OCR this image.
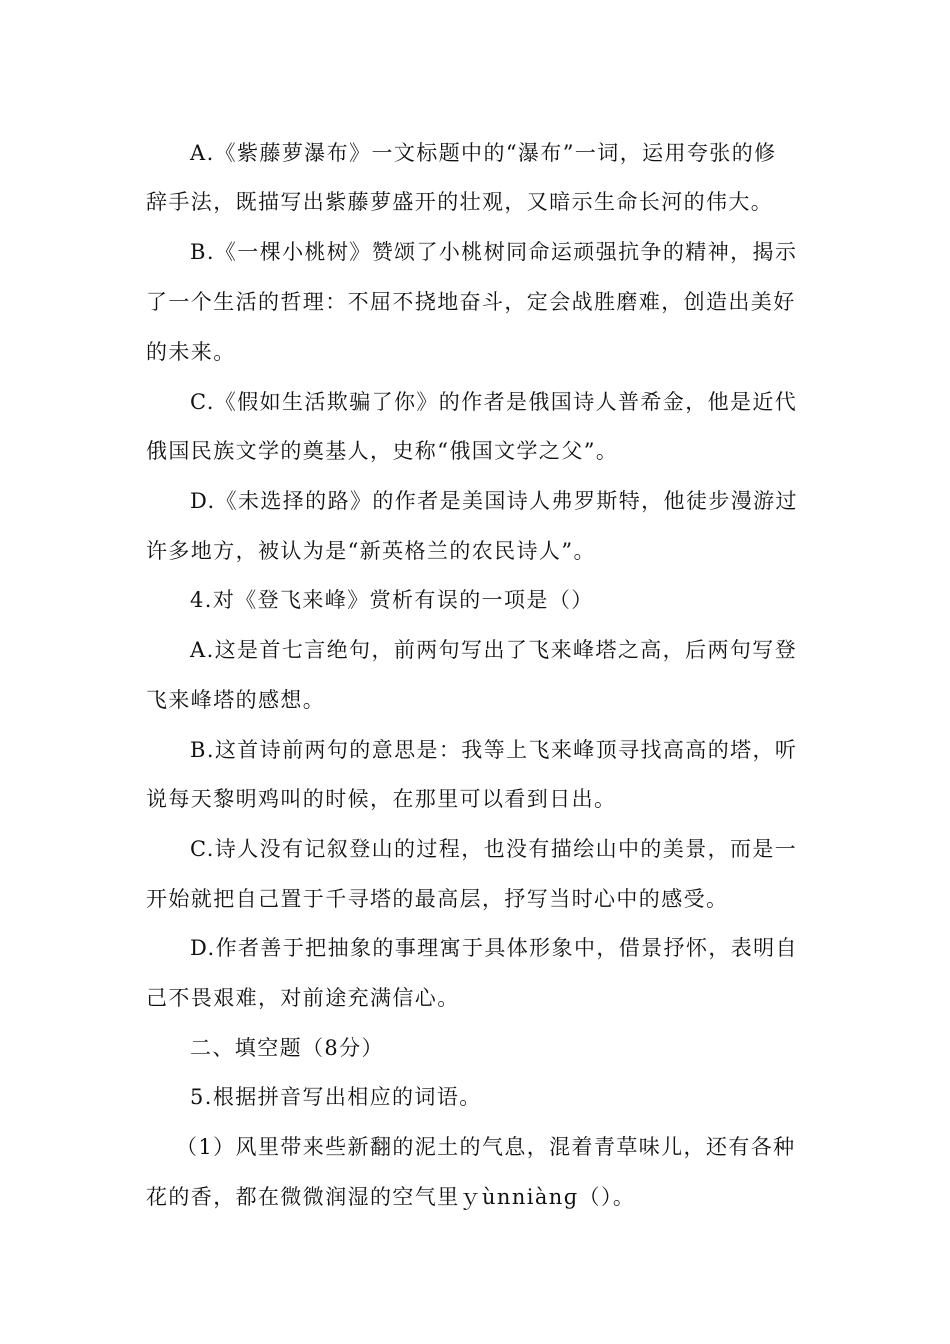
A.《紫藤萝瀑布》一文标题中的“瀑布”一词，运用夸张的修
辞手法，既描写出紫藤萝盛开的壮观，又暗示生命长河的伟大。
B.《一棵小桃树》赞颂了小桃树同命运顽强抗争的精神，揭示
了一个生活的哲理：不屈不挠地奋斗，定会战胜磨难，创造出美好
的未来。
C.《假如生活欺骗了你》的作者是俄国诗人普希金，他是近代
俄国民族文学的奠基人，史称“俄国文学之父”。
D.《未选择的路》的作者是美国诗人弗罗斯特，他徒步漫游过
许多地方，被认为是“新英格兰的农民诗人”。
4.对《登飞来峰》赏析有误的一项是（）
A.这是首七言绝句，前两句写出了飞来峰塔之高，后两句写登
飞来峰塔的感想。
B.这首诗前两句的意思是：我等上飞来峰顶寻找高高的塔，听
说每天黎明鸡叫的时候，在那里可以看到日出。
C.诗人没有记叙登山的过程，也没有描绘山中的美景，而是一
开始就把自己置于千寻塔的最高层，抒写当时心中的感受。
D.作者善于把抽象的事理寓于具体形象中，借景抒怀，表明自
己不畏艰难，对前途充满信心。
二、填空题（8分）
5.根据拼音写出相应的词语。
（1）风里带来些新翻的泥土的气息，混着青草味儿，还有各种
花的香，都在微微润湿的空气里ｙùnniànɡ（）。
